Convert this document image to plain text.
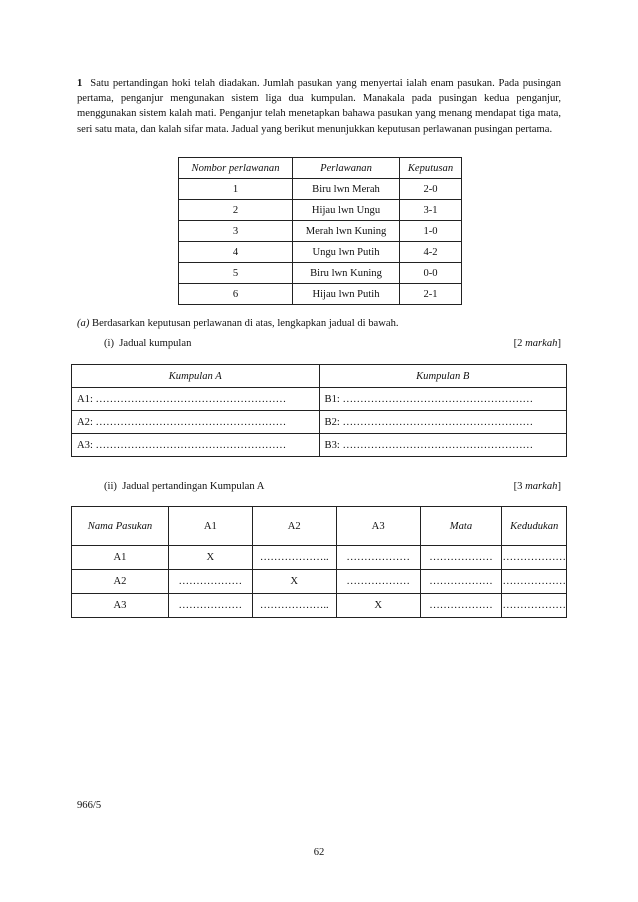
1 Satu pertandingan hoki telah diadakan. Jumlah pasukan yang menyertai ialah enam pasukan. Pada pusingan pertama, penganjur mengunakan sistem liga dua kumpulan. Manakala pada pusingan kedua penganjur, menggunakan sistem kalah mati. Penganjur telah menetapkan bahawa pasukan yang menang mendapat tiga mata, seri satu mata, dan kalah sifar mata. Jadual yang berikut menunjukkan keputusan perlawanan pusingan pertama.

Nombor perlawanan	Perlawanan	Keputusan
1	Biru lwn Merah	2-0
2	Hijau lwn Ungu	3-1
3	Merah lwn Kuning	1-0
4	Ungu lwn Putih	4-2
5	Biru lwn Kuning	0-0
6	Hijau lwn Putih	2-1
(a) Berdasarkan keputusan perlawanan di atas, lengkapkan jadual di bawah.
(i) Jadual kumpulan	[2 markah]
Kumpulan A	Kumpulan B
A1: ………………………………………………	B1: ………………………………………………
A2: ………………………………………………	B2: ………………………………………………
A3: ………………………………………………	B3: ………………………………………………
(ii) Jadual pertandingan Kumpulan A	[3 markah]
Nama Pasukan	A1	A2	A3	Mata	Kedudukan
A1	X	………………..	………………	………………	………………
A2	………………	X	………………	………………	………………
A3	………………	………………..	X	………………	………………
966/5
62
